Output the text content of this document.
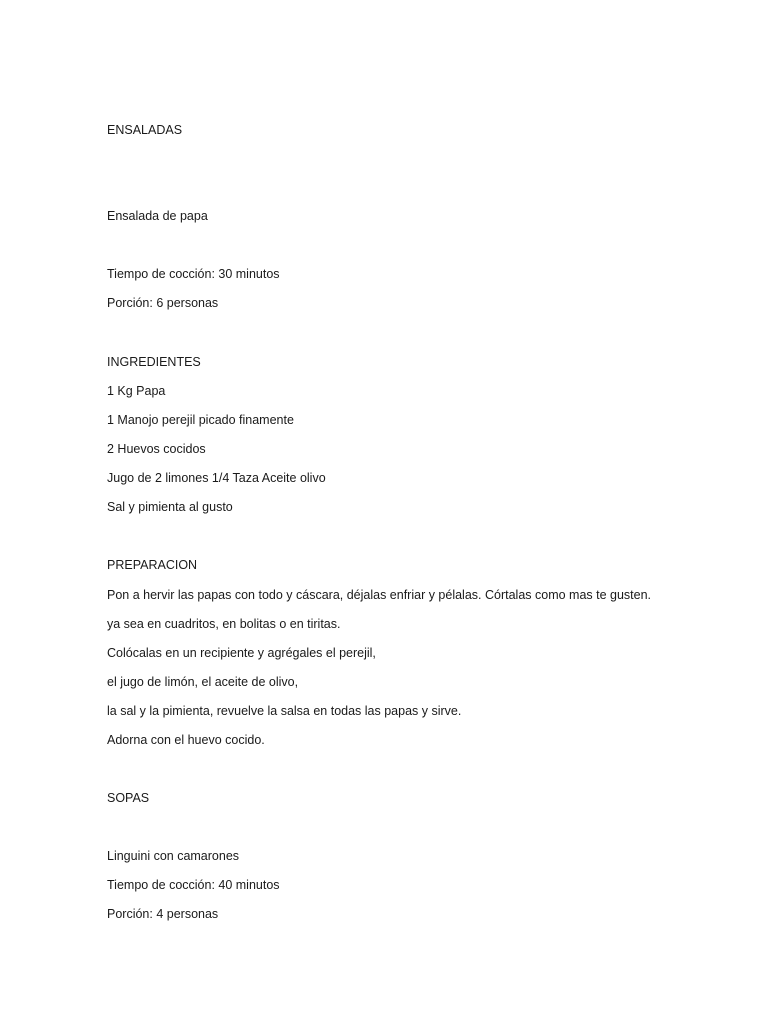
ENSALADAS
Ensalada de papa
Tiempo de cocción: 30 minutos
Porción: 6 personas
INGREDIENTES
1 Kg Papa
1 Manojo perejil picado finamente
2 Huevos cocidos
Jugo de 2 limones 1/4 Taza Aceite olivo
Sal y pimienta al gusto
PREPARACION
Pon a hervir las papas con todo y cáscara, déjalas enfriar y pélalas. Córtalas como mas te gusten.
ya sea en cuadritos, en bolitas o en tiritas.
Colócalas en un recipiente y agrégales el perejil,
el jugo de limón, el aceite de olivo,
la sal y la pimienta, revuelve la salsa en todas las papas y sirve.
Adorna con el huevo cocido.
SOPAS
Linguini con camarones
Tiempo de cocción: 40 minutos
Porción: 4 personas
